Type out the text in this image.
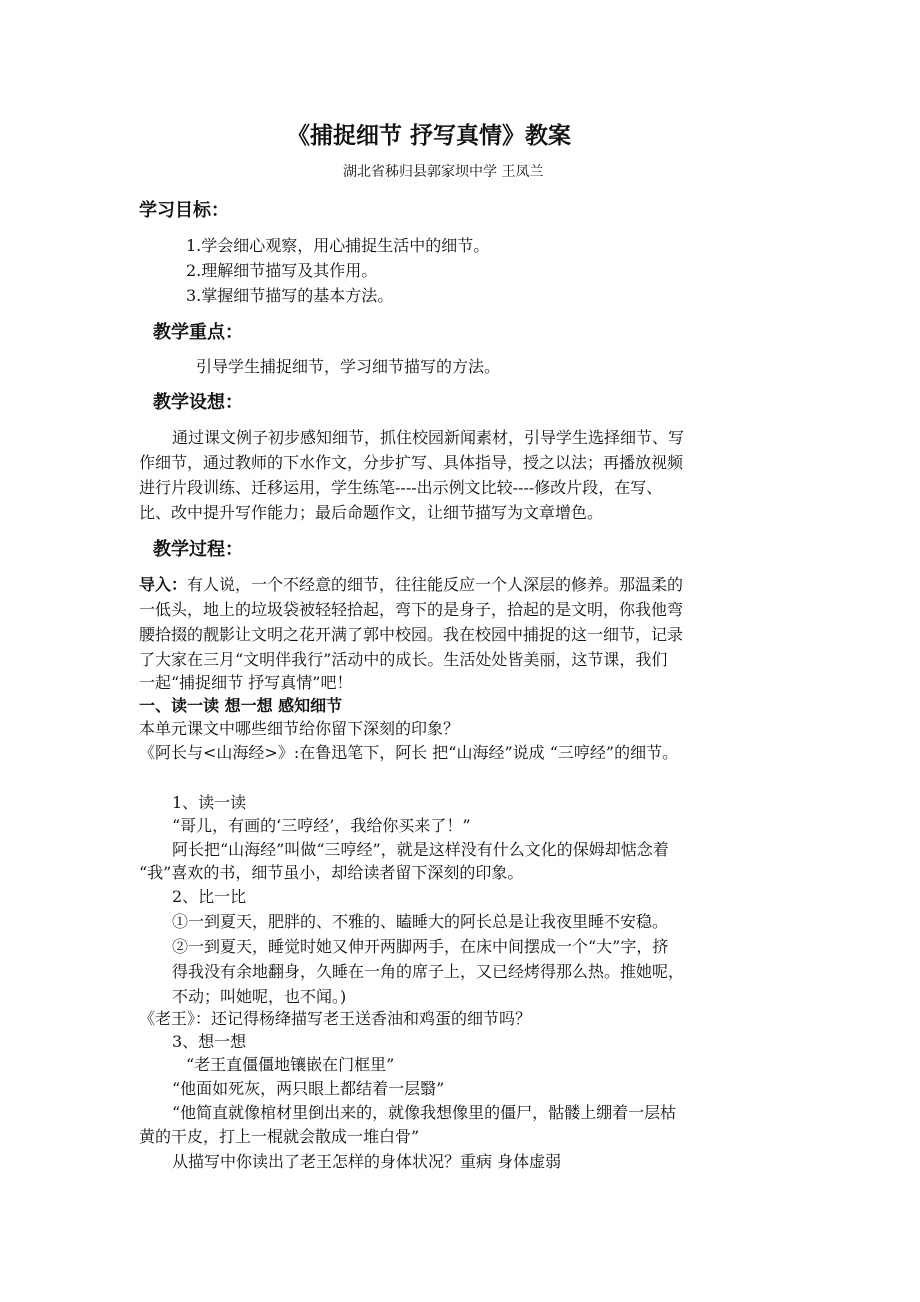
《捕捉细节 抒写真情》教案
湖北省秭归县郭家坝中学 王凤兰
学习目标：
1.学会细心观察，用心捕捉生活中的细节。
2.理解细节描写及其作用。
3.掌握细节描写的基本方法。
教学重点：
引导学生捕捉细节，学习细节描写的方法。
教学设想：
通过课文例子初步感知细节，抓住校园新闻素材，引导学生选择细节、写
作细节，通过教师的下水作文，分步扩写、具体指导，授之以法；再播放视频
进行片段训练、迁移运用，学生练笔----出示例文比较----修改片段，在写、
比、改中提升写作能力；最后命题作文，让细节描写为文章增色。
教学过程：
导入：有人说，一个不经意的细节，往往能反应一个人深层的修养。那温柔的
一低头，地上的垃圾袋被轻轻拾起，弯下的是身子，拾起的是文明，你我他弯
腰拾掇的靓影让文明之花开满了郭中校园。我在校园中捕捉的这一细节，记录
了大家在三月“文明伴我行”活动中的成长。生活处处皆美丽，这节课，我们
一起“捕捉细节 抒写真情”吧！
一、读一读 想一想 感知细节
本单元课文中哪些细节给你留下深刻的印象？
《阿长与<山海经>》:在鲁迅笔下，阿长 把“山海经”说成 “三哼经”的细节。
1、读一读
“哥儿，有画的‘三哼经’，我给你买来了！”
阿长把“山海经”叫做“三哼经”，就是这样没有什么文化的保姆却惦念着
“我”喜欢的书，细节虽小，却给读者留下深刻的印象。
2、比一比
①一到夏天，肥胖的、不雅的、瞌睡大的阿长总是让我夜里睡不安稳。
②一到夏天，睡觉时她又伸开两脚两手，在床中间摆成一个“大”字，挤
得我没有余地翻身，久睡在一角的席子上，又已经烤得那么热。推她呢，
不动；叫她呢，也不闻。)
《老王》：还记得杨绛描写老王送香油和鸡蛋的细节吗？
3、想一想
“老王直僵僵地镶嵌在门框里”
“他面如死灰，两只眼上都结着一层翳”
“他简直就像棺材里倒出来的，就像我想像里的僵尸，骷髅上绷着一层枯
黄的干皮，打上一棍就会散成一堆白骨”
从描写中你读出了老王怎样的身体状况？重病 身体虚弱
